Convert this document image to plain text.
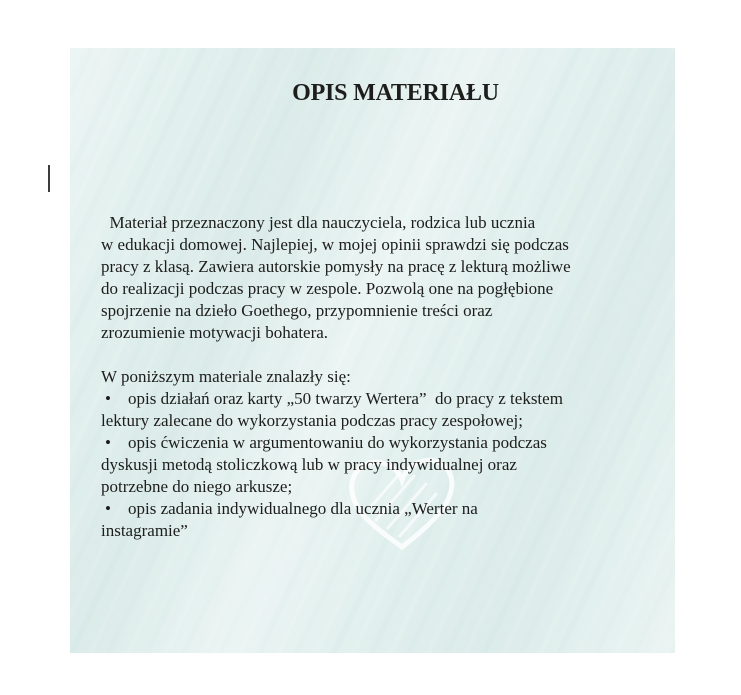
OPIS MATERIAŁU
Materiał przeznaczony jest dla nauczyciela, rodzica lub ucznia
w edukacji domowej. Najlepiej, w mojej opinii sprawdzi się podczas
pracy z klasą. Zawiera autorskie pomysły na pracę z lekturą możliwe
do realizacji podczas pracy w zespole. Pozwolą one na pogłębione
spojrzenie na dzieło Goethego, przypomnienie treści oraz
zrozumienie motywacji bohatera.
W poniższym materiale znalazły się:
• opis działań oraz karty „50 twarzy Wertera”  do pracy z tekstem
lektury zalecane do wykorzystania podczas pracy zespołowej;
• opis ćwiczenia w argumentowaniu do wykorzystania podczas
dyskusji metodą stoliczkową lub w pracy indywidualnej oraz
potrzebne do niego arkusze;
• opis zadania indywidualnego dla ucznia „Werter na
instagramie”
